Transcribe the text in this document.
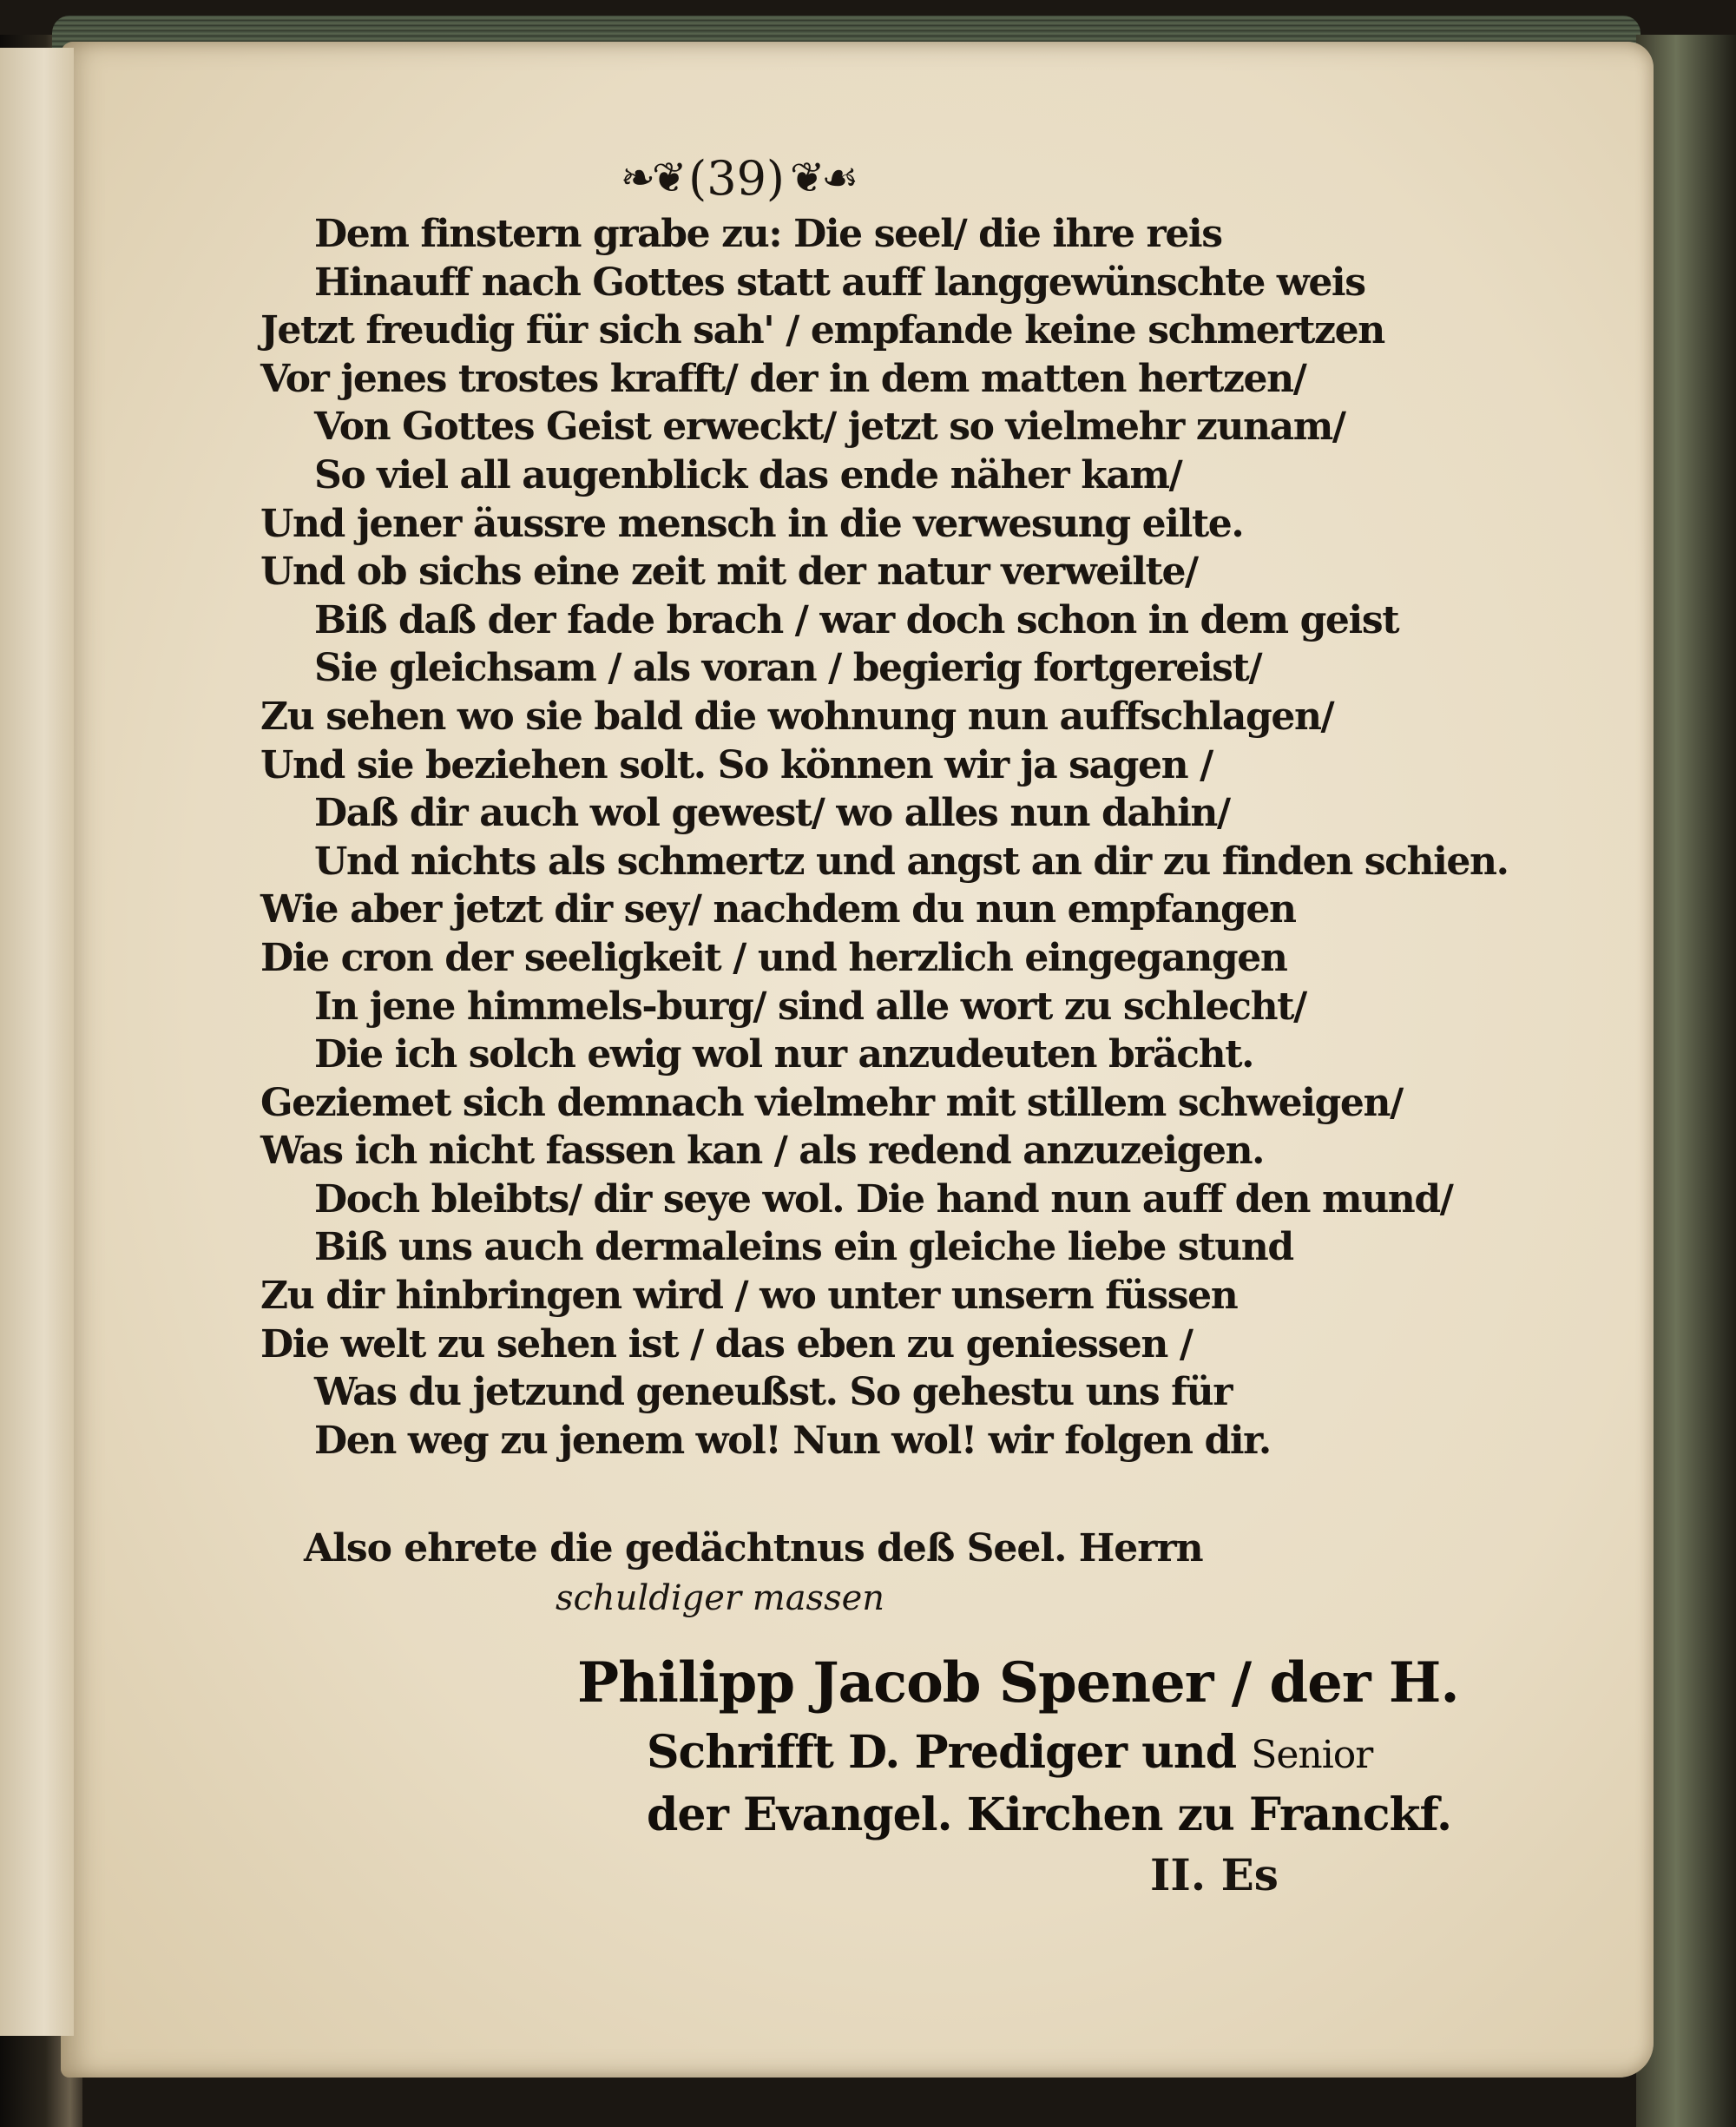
❧❦ (39) ❦☙
Dem finstern grabe zu: Die seel/ die ihre reis
Hinauff nach Gottes statt auff langgewünschte weis
Jetzt freudig für sich sah' / empfande keine schmertzen
Vor jenes trostes krafft/ der in dem matten hertzen/
Von Gottes Geist erweckt/ jetzt so vielmehr zunam/
So viel all augenblick das ende näher kam/
Und jener äussre mensch in die verwesung eilte.
Und ob sichs eine zeit mit der natur verweilte/
Biß daß der fade brach / war doch schon in dem geist
Sie gleichsam / als voran / begierig fortgereist/
Zu sehen wo sie bald die wohnung nun auffschlagen/
Und sie beziehen solt. So können wir ja sagen /
Daß dir auch wol gewest/ wo alles nun dahin/
Und nichts als schmertz und angst an dir zu finden schien.
Wie aber jetzt dir sey/ nachdem du nun empfangen
Die cron der seeligkeit / und herzlich eingegangen
In jene himmels-burg/ sind alle wort zu schlecht/
Die ich solch ewig wol nur anzudeuten brächt.
Geziemet sich demnach vielmehr mit stillem schweigen/
Was ich nicht fassen kan / als redend anzuzeigen.
Doch bleibts/ dir seye wol. Die hand nun auff den mund/
Biß uns auch dermaleins ein gleiche liebe stund
Zu dir hinbringen wird / wo unter unsern füssen
Die welt zu sehen ist / das eben zu geniessen /
Was du jetzund geneußst. So gehestu uns für
Den weg zu jenem wol! Nun wol! wir folgen dir.
Also ehrete die gedächtnus deß Seel. Herrn
schuldiger massen
Philipp Jacob Spener / der H.
Schrifft D. Prediger und Senior
der Evangel. Kirchen zu Franckf.
II. Es
